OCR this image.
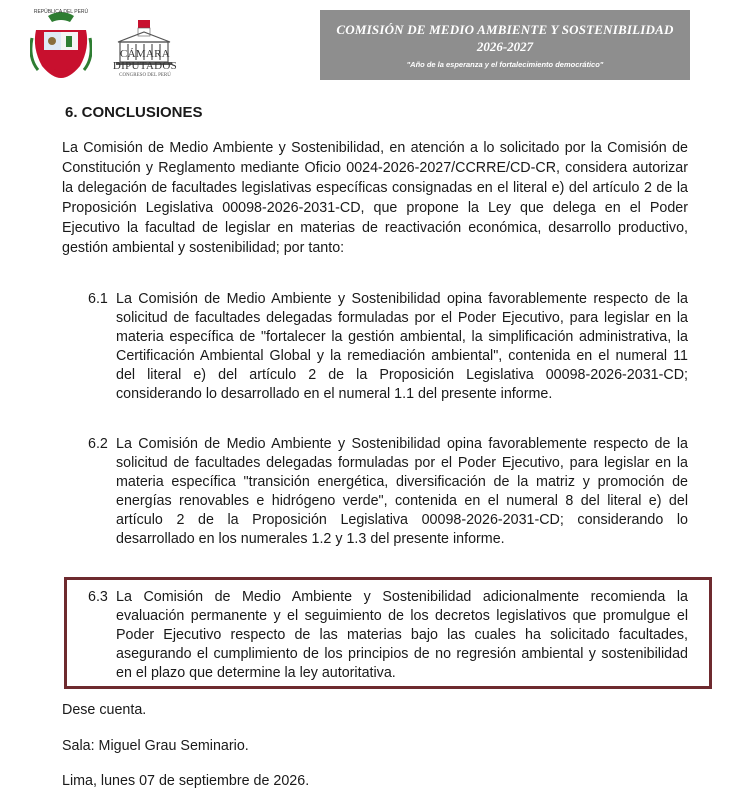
REPÚBLICA DEL PERÚ
CÁMARA
DIPUTADOS
CONGRESO DEL PERÚ
COMISIÓN DE MEDIO AMBIENTE Y SOSTENIBILIDAD
2026-2027
"Año de la esperanza y el fortalecimiento democrático"
6. CONCLUSIONES
La Comisión de Medio Ambiente y Sostenibilidad, en atención a lo solicitado por la Comisión de Constitución y Reglamento mediante Oficio 0024-2026-2027/CCRRE/CD-CR, considera autorizar la delegación de facultades legislativas específicas consignadas en el literal e) del artículo 2 de la Proposición Legislativa 00098-2026-2031-CD, que propone la Ley que delega en el Poder Ejecutivo la facultad de legislar en materias de reactivación económica, desarrollo productivo, gestión ambiental y sostenibilidad; por tanto:
6.1 La Comisión de Medio Ambiente y Sostenibilidad opina favorablemente respecto de la solicitud de facultades delegadas formuladas por el Poder Ejecutivo, para legislar en la materia específica de "fortalecer la gestión ambiental, la simplificación administrativa, la Certificación Ambiental Global y la remediación ambiental", contenida en el numeral 11 del literal e) del artículo 2 de la Proposición Legislativa 00098-2026-2031-CD; considerando lo desarrollado en el numeral 1.1 del presente informe.
6.2 La Comisión de Medio Ambiente y Sostenibilidad opina favorablemente respecto de la solicitud de facultades delegadas formuladas por el Poder Ejecutivo, para legislar en la materia específica "transición energética, diversificación de la matriz y promoción de energías renovables e hidrógeno verde", contenida en el numeral 8 del literal e) del artículo 2 de la Proposición Legislativa 00098-2026-2031-CD; considerando lo desarrollado en los numerales 1.2 y 1.3 del presente informe.
6.3 La Comisión de Medio Ambiente y Sostenibilidad adicionalmente recomienda la evaluación permanente y el seguimiento de los decretos legislativos que promulgue el Poder Ejecutivo respecto de las materias bajo las cuales ha solicitado facultades, asegurando el cumplimiento de los principios de no regresión ambiental y sostenibilidad en el plazo que determine la ley autoritativa.
Dese cuenta.
Sala: Miguel Grau Seminario.
Lima, lunes 07 de septiembre de 2026.
